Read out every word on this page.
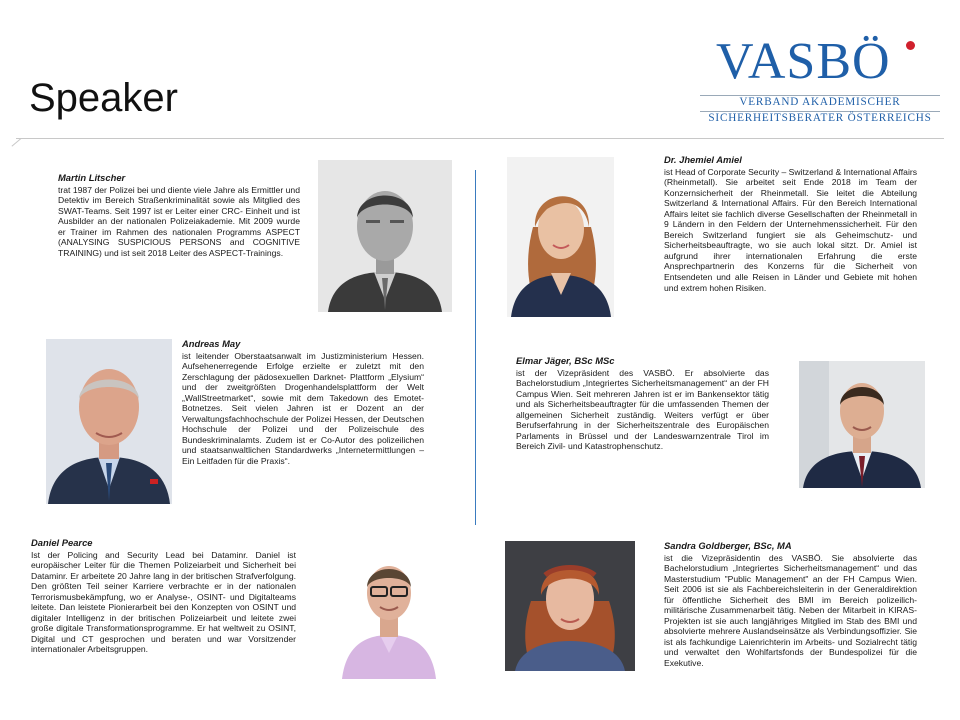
Speaker
VASBÖ
VERBAND AKADEMISCHER
SICHERHEITSBERATER ÖSTERREICHS
Martin Litscher
trat 1987 der Polizei bei und diente viele Jahre als Ermittler und Detektiv im Bereich Straßenkriminalität sowie als Mitglied des SWAT-Teams. Seit 1997 ist er Leiter einer CRC- Einheit und ist Ausbilder an der nationalen Polizeiakademie. Mit 2009 wurde er Trainer im Rahmen des nationalen Programms ASPECT (ANALYSING SUSPICIOUS PERSONS and COGNITIVE TRAINING) und ist seit 2018 Leiter des ASPECT-Trainings.
Dr. Jhemiel Amiel
ist Head of Corporate Security – Switzerland & International Affairs (Rheinmetall). Sie arbeitet seit Ende 2018 im Team der Konzernsicherheit der Rheinmetall. Sie leitet die Abteilung Switzerland & International Affairs. Für den Bereich International Affairs leitet sie fachlich diverse Gesellschaften der Rheinmetall in 9 Ländern in den Feldern der Unternehmenssicherheit. Für den Bereich Switzerland fungiert sie als Geheimschutz- und Sicherheitsbeauftragte, wo sie auch lokal sitzt. Dr. Amiel ist aufgrund ihrer internationalen Erfahrung die erste Ansprechpartnerin des Konzerns für die Sicherheit von Entsendeten und alle Reisen in Länder und Gebiete mit hohen und extrem hohen Risiken.
Andreas May
ist leitender Oberstaatsanwalt im Justizministerium Hessen. Aufsehenerregende Erfolge erzielte er zuletzt mit den Zerschlagung der pädosexuellen Darknet- Plattform „Elysium“ und der zweitgrößten Drogenhandelsplattform der Welt „WallStreetmarket“, sowie mit dem Takedown des Emotet-Botnetzes. Seit vielen Jahren ist er Dozent an der Verwaltungsfachhochschule der Polizei Hessen, der Deutschen Hochschule der Polizei und der Polizeischule des Bundeskriminalamts. Zudem ist er Co-Autor des polizeilichen und staatsanwaltlichen Standardwerks „Internetermittlungen – Ein Leitfaden für die Praxis“.
Elmar Jäger, BSc MSc
ist der Vizepräsident des VASBÖ. Er absolvierte das Bachelorstudium „Integriertes Sicherheitsmanagement“ an der FH Campus Wien. Seit mehreren Jahren ist er im Bankensektor tätig und als Sicherheitsbeauftragter für die umfassenden Themen der allgemeinen Sicherheit zuständig. Weiters verfügt er über Berufserfahrung in der Sicherheitszentrale des Europäischen Parlaments in Brüssel und der Landeswarnzentrale Tirol im Bereich Zivil- und Katastrophenschutz.
Daniel Pearce
Ist der Policing and Security Lead bei Dataminr. Daniel ist europäischer Leiter für die Themen Polizeiarbeit und Sicherheit bei Dataminr. Er arbeitete 20 Jahre lang in der britischen Strafverfolgung. Den größten Teil seiner Karriere verbrachte er in der nationalen Terrorismusbekämpfung, wo er Analyse-, OSINT- und Digitalteams leitete. Dan leistete Pionierarbeit bei den Konzepten von OSINT und digitaler Intelligenz in der britischen Polizeiarbeit und leitete zwei große digitale Transformationsprogramme. Er hat weltweit zu OSINT, Digital und CT gesprochen und beraten und war Vorsitzender internationaler Arbeitsgruppen.
Sandra Goldberger, BSc, MA
ist die Vizepräsidentin des VASBÖ. Sie absolvierte das Bachelorstudium „Integriertes Sicherheitsmanagement“ und das Masterstudium "Public Management" an der FH Campus Wien. Seit 2006 ist sie als Fachbereichsleiterin in der Generaldirektion für öffentliche Sicherheit des BMI im Bereich polizeilich-militärische Zusammenarbeit tätig. Neben der Mitarbeit in KIRAS-Projekten ist sie auch langjähriges Mitglied im Stab des BMI und absolvierte mehrere Auslandseinsätze als Verbindungsoffizier. Sie ist als fachkundige Laienrichterin im Arbeits- und Sozialrecht tätig und verwaltet den Wohlfartsfonds der Bundespolizei für die Exekutive.
